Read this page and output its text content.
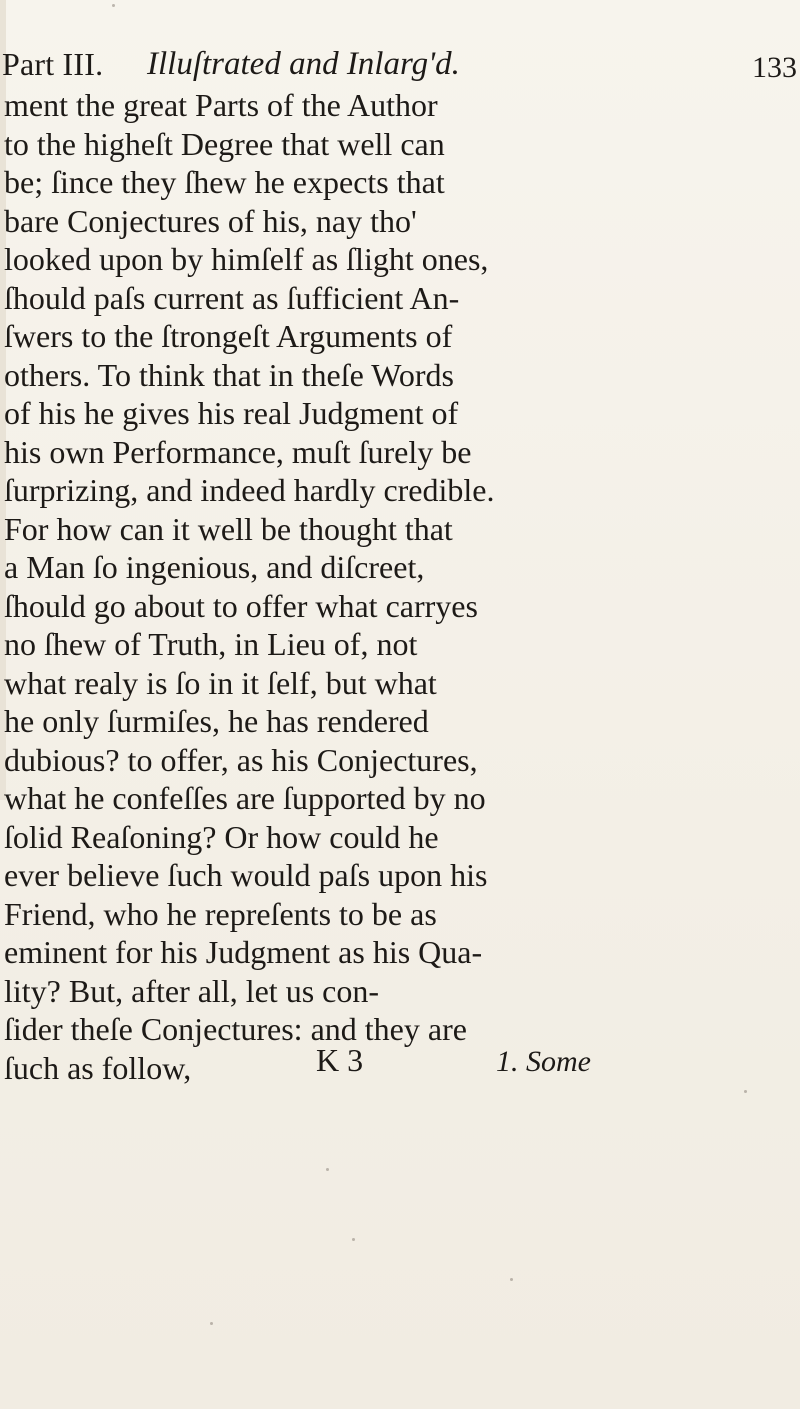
Part III. Illuſtrated and Inlarg'd.	133
ment the great Parts of the Author
to the higheſt Degree that well can
be; ſince they ſhew he expects that
bare Conjectures of his, nay tho'
looked upon by himſelf as ſlight ones,
ſhould paſs current as ſufficient An-
ſwers to the ſtrongeſt Arguments of
others. To think that in theſe Words
of his he gives his real Judgment of
his own Performance, muſt ſurely be
ſurprizing, and indeed hardly credible.
For how can it well be thought that
a Man ſo ingenious, and diſcreet,
ſhould go about to offer what carryes
no ſhew of Truth, in Lieu of, not
what realy is ſo in it ſelf, but what
he only ſurmiſes, he has rendered
dubious? to offer, as his Conjectures,
what he confeſſes are ſupported by no
ſolid Reaſoning? Or how could he
ever believe ſuch would paſs upon his
Friend, who he repreſents to be as
eminent for his Judgment as his Qua-
lity? But, after all, let us con-
ſider theſe Conjectures: and they are
ſuch as follow,	K 3	1. Some
